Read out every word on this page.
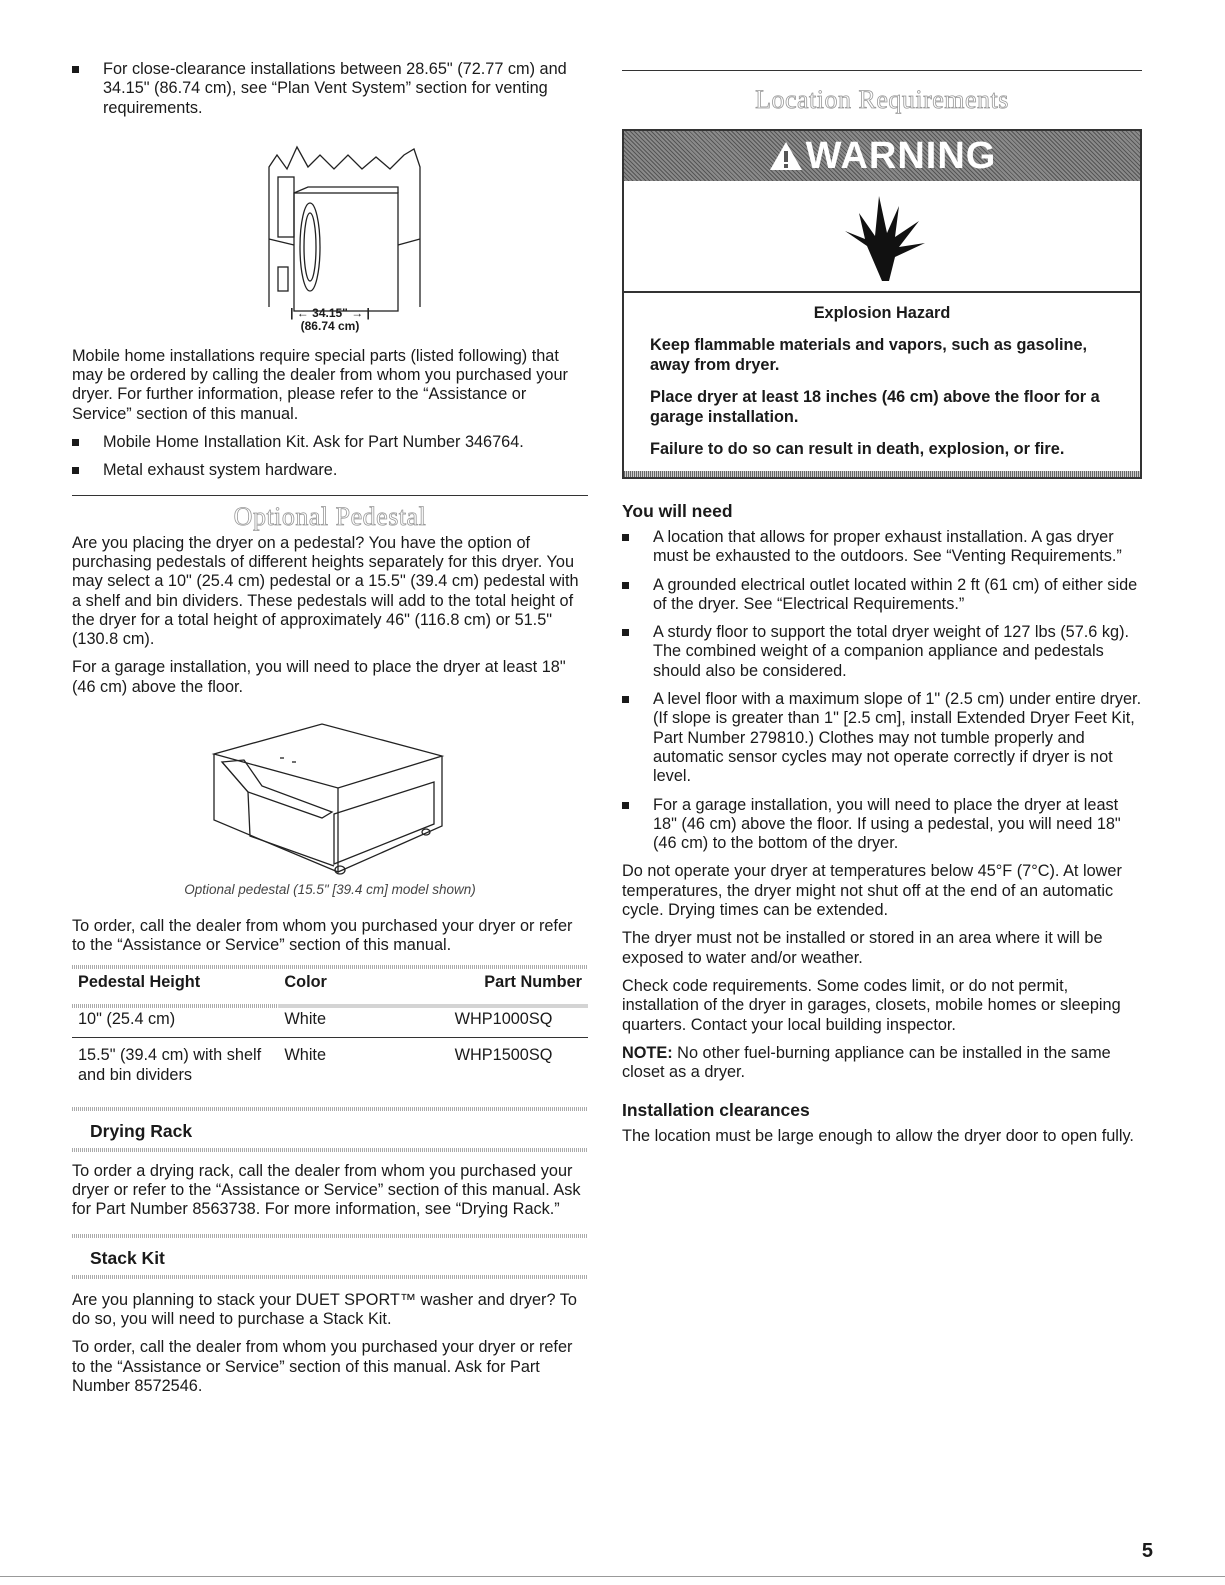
For close-clearance installations between 28.65" (72.77 cm) and 34.15" (86.74 cm), see “Plan Vent System” section for venting requirements.
| ← 34.15" → |
(86.74 cm)

Mobile home installations require special parts (listed following) that may be ordered by calling the dealer from whom you purchased your dryer. For further information, please refer to the “Assistance or Service” section of this manual.

Mobile Home Installation Kit. Ask for Part Number 346764.
Metal exhaust system hardware.
Optional Pedestal

Are you placing the dryer on a pedestal? You have the option of purchasing pedestals of different heights separately for this dryer. You may select a 10" (25.4 cm) pedestal or a 15.5" (39.4 cm) pedestal with a shelf and bin dividers. These pedestals will add to the total height of the dryer for a total height of approximately 46" (116.8 cm) or 51.5" (130.8 cm).

For a garage installation, you will need to place the dryer at least 18" (46 cm) above the floor.

Optional pedestal (15.5" [39.4 cm] model shown)

To order, call the dealer from whom you purchased your dryer or refer to the “Assistance or Service” section of this manual.

Pedestal Height	Color	Part Number
10" (25.4 cm)	White	WHP1000SQ
15.5" (39.4 cm) with shelf and bin dividers	White	WHP1500SQ
Drying Rack

To order a drying rack, call the dealer from whom you purchased your dryer or refer to the “Assistance or Service” section of this manual. Ask for Part Number 8563738. For more information, see “Drying Rack.”

Stack Kit

Are you planning to stack your DUET SPORT™ washer and dryer? To do so, you will need to purchase a Stack Kit.

To order, call the dealer from whom you purchased your dryer or refer to the “Assistance or Service” section of this manual. Ask for Part Number 8572546.

Location Requirements
WARNING

Explosion Hazard

Keep flammable materials and vapors, such as gasoline, away from dryer.

Place dryer at least 18 inches (46 cm) above the floor for a garage installation.

Failure to do so can result in death, explosion, or fire.

You will need
A location that allows for proper exhaust installation. A gas dryer must be exhausted to the outdoors. See “Venting Requirements.”
A grounded electrical outlet located within 2 ft (61 cm) of either side of the dryer. See “Electrical Requirements.”
A sturdy floor to support the total dryer weight of 127 lbs (57.6 kg). The combined weight of a companion appliance and pedestals should also be considered.
A level floor with a maximum slope of 1" (2.5 cm) under entire dryer. (If slope is greater than 1" [2.5 cm], install Extended Dryer Feet Kit, Part Number 279810.) Clothes may not tumble properly and automatic sensor cycles may not operate correctly if dryer is not level.
For a garage installation, you will need to place the dryer at least 18" (46 cm) above the floor. If using a pedestal, you will need 18" (46 cm) to the bottom of the dryer.

Do not operate your dryer at temperatures below 45°F (7°C). At lower temperatures, the dryer might not shut off at the end of an automatic cycle. Drying times can be extended.

The dryer must not be installed or stored in an area where it will be exposed to water and/or weather.

Check code requirements. Some codes limit, or do not permit, installation of the dryer in garages, closets, mobile homes or sleeping quarters. Contact your local building inspector.

NOTE: No other fuel-burning appliance can be installed in the same closet as a dryer.

Installation clearances

The location must be large enough to allow the dryer door to open fully.

5
